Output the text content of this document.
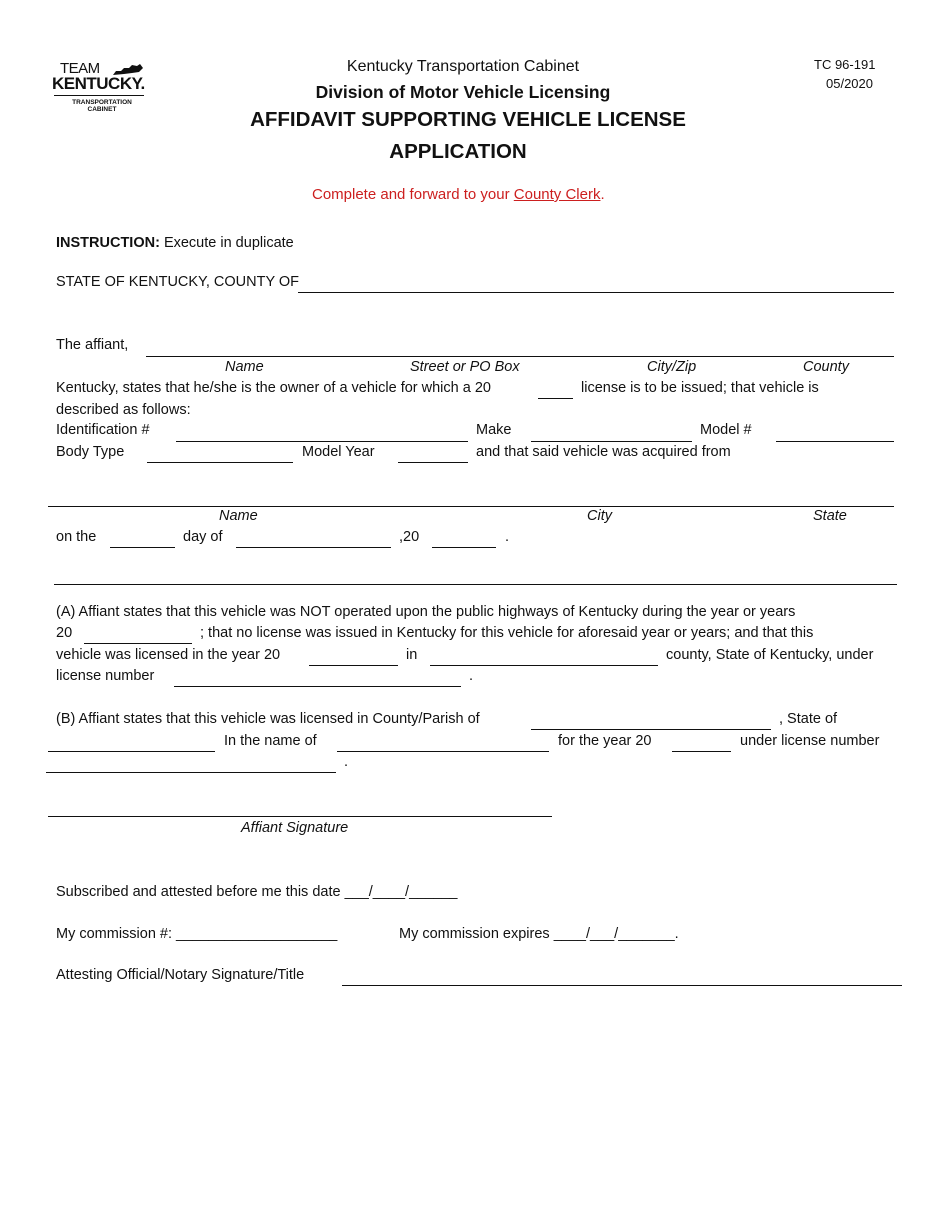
TEAM
KENTUCKY.
TRANSPORTATION
CABINET
Kentucky Transportation Cabinet
Division of Motor Vehicle Licensing
AFFIDAVIT SUPPORTING VEHICLE LICENSE
APPLICATION
TC 96-191
05/2020
Complete and forward to your County Clerk.
INSTRUCTION: Execute in duplicate
STATE OF KENTUCKY, COUNTY OF
The affiant,
Name	Street or PO Box	City/Zip	County
Kentucky, states that he/she is the owner of a vehicle for which a 20	license is to be issued; that vehicle is
described as follows:
Identification #	Make	Model #
Body Type	Model Year	and that said vehicle was acquired from
Name	City	State
on the	day of	,20	.
(A) Affiant states that this vehicle was NOT operated upon the public highways of Kentucky during the year or years
20	; that no license was issued in Kentucky for this vehicle for aforesaid year or years; and that this
vehicle was licensed in the year 20	in	county, State of Kentucky, under
license number	.
(B) Affiant states that this vehicle was licensed in County/Parish of	, State of
In the name of	for the year 20	under license number
.
Affiant Signature
Subscribed and attested before me this date ___/____/______
My commission #: ____________________	My commission expires ____/___/_______.
Attesting Official/Notary Signature/Title
